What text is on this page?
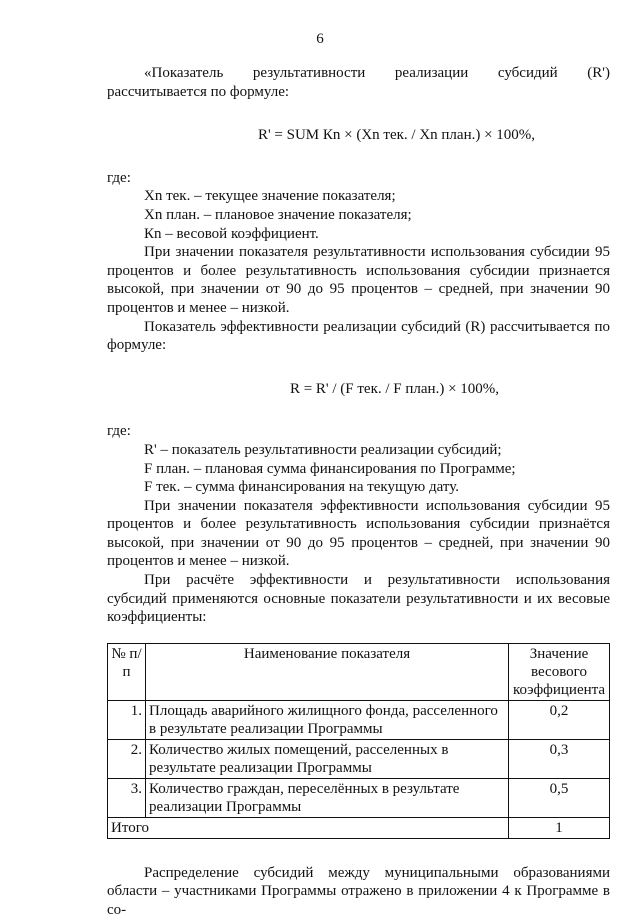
6

«Показатель результативности реализации субсидий (R') рассчитывается по формуле:

R' = SUM Кn × (Xn тек. / Xn план.) × 100%,

где:

Xn тек. – текущее значение показателя;

Xn план. – плановое значение показателя;

Кn – весовой коэффициент.

При значении показателя результативности использования субсидии 95 процентов и более результативность использования субсидии признается высокой, при значении от 90 до 95 процентов – средней, при значении 90 процентов и менее – низкой.

Показатель эффективности реализации субсидий (R) рассчитывается по формуле:

R = R' / (F тек. / F план.) × 100%,

где:

R' – показатель результативности реализации субсидий;

F план. – плановая сумма финансирования по Программе;

F тек. – сумма финансирования на текущую дату.

При значении показателя эффективности использования субсидии 95 процентов и более результативность использования субсидии признаётся высокой, при значении от 90 до 95 процентов – средней, при значении 90 процентов и менее – низкой.

При расчёте эффективности и результативности использования субсидий применяются основные показатели результативности и их весовые коэффициенты:

№ п/п	Наименование показателя	Значение весового коэффициента
1.	Площадь аварийного жилищного фонда, расселенного в результате реализации Программы	0,2
2.	Количество жилых помещений, расселенных в результате реализации Программы	0,3
3.	Количество граждан, переселённых в результате реализации Программы	0,5
Итого		1

Распределение субсидий между муниципальными образованиями области – участниками Программы отражено в приложении 4 к Программе в со-
